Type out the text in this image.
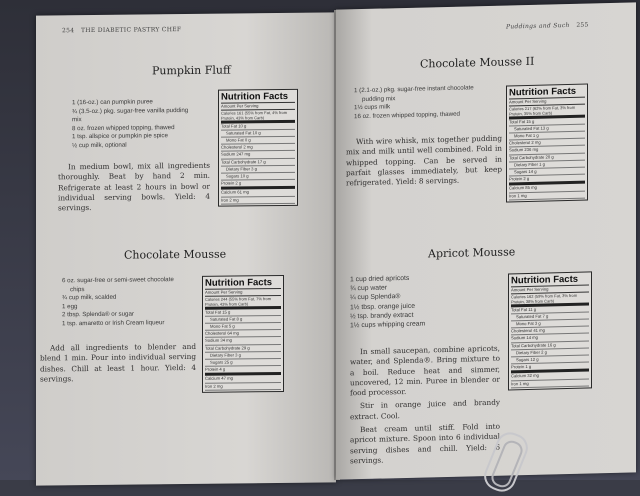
254 THE DIABETIC PASTRY CHEF
Pumpkin Fluff
1 (16-oz.) can pumpkin puree
¾ (3.5-oz.) pkg. sugar-free vanilla pudding
mix
8 oz. frozen whipped topping, thawed
1 tsp. allspice or pumpkin pie spice
½ cup milk, optional

In medium bowl, mix all ingredients thoroughly. Beat by hand 2 min. Refrigerate at least 2 hours in bowl or individual serving bowls. Yield: 4 servings.

Nutrition Facts
Amount Per Serving
Calories 161 (55% from Fat, 4% from Protein, 43% from Carb)
Total Fat 10 g
Saturated Fat 10 g
Mono Fat 0 g
Cholesterol 2 mg
Sodium 247 mg
Total Carbohydrate 17 g
Dietary Fiber 3 g
Sugars 10 g
Protein 2 g
Calcium 61 mg
Iron 2 mg
Chocolate Mousse
6 oz. sugar-free or semi-sweet chocolate
chips
¾ cup milk, scalded
1 egg
2 tbsp. Splenda® or sugar
1 tsp. amaretto or Irish Cream liqueur

Add all ingredients to blender and blend 1 min. Pour into individual serving dishes. Chill at least 1 hour. Yield: 4 servings.

Nutrition Facts
Amount Per Serving
Calories 244 (55% from Fat, 7% from Protein, 43% from Carb)
Total Fat 15 g
Saturated Fat 8 g
Mono Fat 5 g
Cholesterol 64 mg
Sodium 34 mg
Total Carbohydrate 29 g
Dietary Fiber 3 g
Sugars 25 g
Protein 4 g
Calcium 47 mg
Iron 2 mg
Puddings and Such 255
Chocolate Mousse II
1 (2.1-oz.) pkg. sugar-free instant chocolate
pudding mix
1½ cups milk
16 oz. frozen whipped topping, thawed

With wire whisk, mix together pudding mix and milk until well combined. Fold in whipped topping. Can be served in parfait glasses immediately, but keep refrigerated. Yield: 8 servings.

Nutrition Facts
Amount Per Serving
Calories 217 (62% from Fat, 3% from Protein, 35% from Carb)
Total Fat 15 g
Saturated Fat 13 g
Mono Fat 1 g
Cholesterol 2 mg
Sodium 236 mg
Total Carbohydrate 20 g
Dietary Fiber 1 g
Sugars 14 g
Protein 2 g
Calcium 85 mg
Iron 1 mg
Apricot Mousse
1 cup dried apricots
¾ cup water
¼ cup Splenda®
1½ tbsp. orange juice
½ tsp. brandy extract
1½ cups whipping cream

In small saucepan, combine apricots, water, and Splenda®. Bring mixture to a boil. Reduce heat and simmer, uncovered, 12 min. Puree in blender or food processor.

Stir in orange juice and brandy extract. Cool.

Beat cream until stiff. Fold into apricot mixture. Spoon into 6 individual serving dishes and chill. Yield: 6 servings.

Nutrition Facts
Amount Per Serving
Calories 162 (59% from Fat, 3% from Protein, 38% from Carb)
Total Fat 11 g
Saturated Fat 7 g
Mono Fat 3 g
Cholesterol 41 mg
Sodium 14 mg
Total Carbohydrate 16 g
Dietary Fiber 2 g
Sugars 12 g
Protein 1 g
Calcium 32 mg
Iron 1 mg
